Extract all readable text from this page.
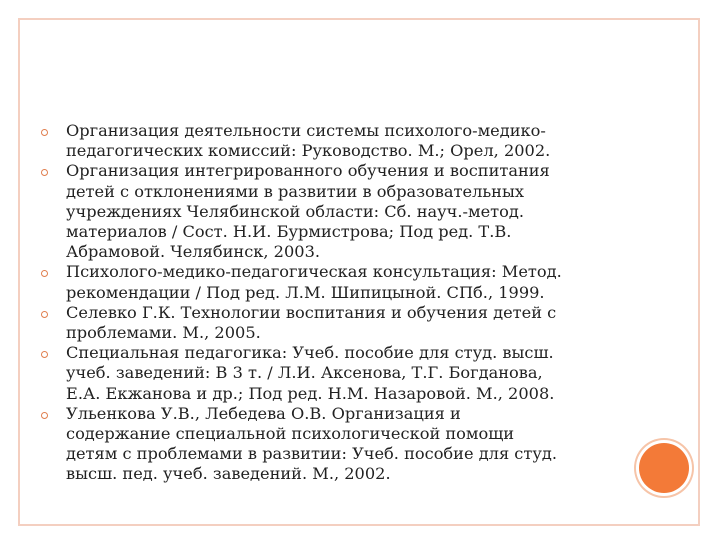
Организация деятельности системы психолого-медико-
педагогических комиссий: Руководство. М.; Орел, 2002.
Организация интегрированного обучения и воспитания
детей с отклонениями в развитии в образовательных
учреждениях Челябинской области: Сб. науч.-метод.
материалов / Сост. Н.И. Бурмистрова; Под ред. Т.В.
Абрамовой. Челябинск, 2003.
Психолого-медико-педагогическая консультация: Метод.
рекомендации / Под ред. Л.М. Шипицыной. СПб., 1999.
Селевко Г.К. Технологии воспитания и обучения детей с
проблемами. М., 2005.
Специальная педагогика: Учеб. пособие для студ. высш.
учеб. заведений: В 3 т. / Л.И. Аксенова, Т.Г. Богданова,
Е.А. Екжанова и др.; Под ред. Н.М. Назаровой. М., 2008.
Ульенкова У.В., Лебедева О.В. Организация и
содержание специальной психологической помощи
детям с проблемами в развитии: Учеб. пособие для студ.
высш. пед. учеб. заведений. М., 2002.
